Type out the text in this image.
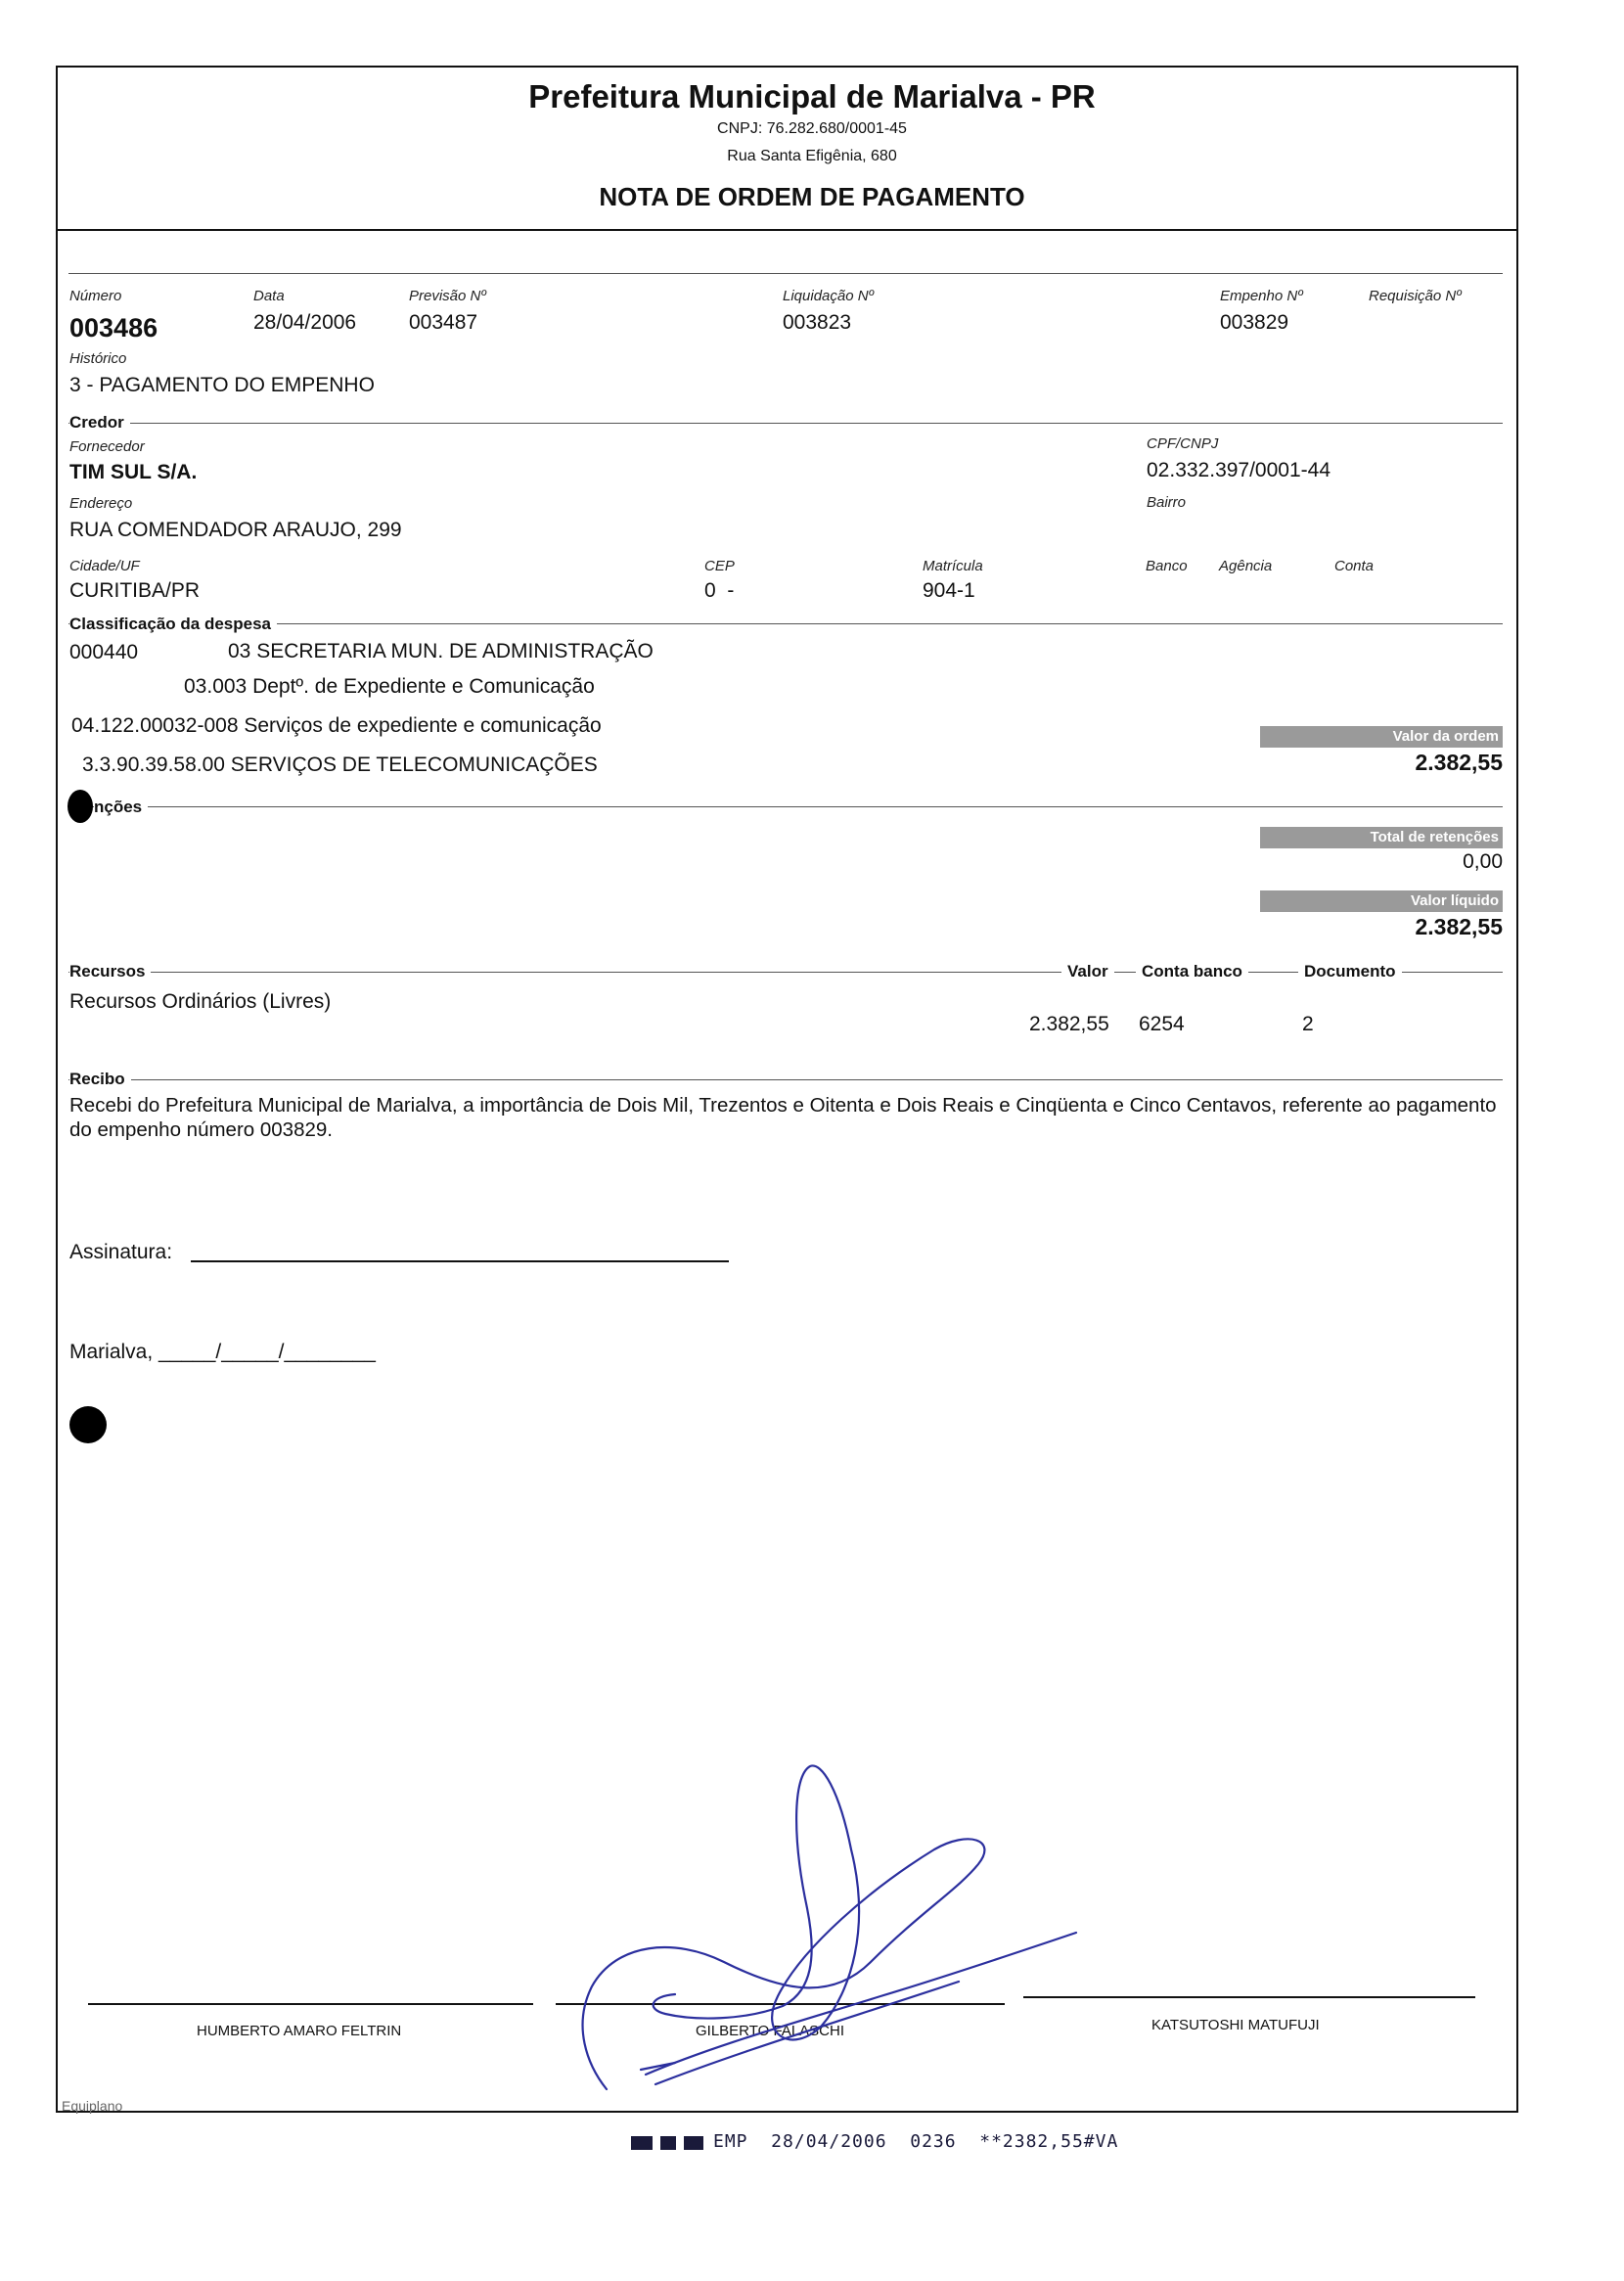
Prefeitura Municipal de Marialva - PR
CNPJ: 76.282.680/0001-45
Rua Santa Efigênia, 680
NOTA DE ORDEM DE PAGAMENTO
Número
003486
Data
28/04/2006
Previsão Nº
003487
Liquidação Nº
003823
Empenho Nº
003829
Requisição Nº
Histórico
3 - PAGAMENTO DO EMPENHO
Credor
Fornecedor
TIM SUL S/A.
CPF/CNPJ
02.332.397/0001-44
Endereço
RUA COMENDADOR ARAUJO, 299
Bairro
Cidade/UF
CURITIBA/PR
CEP
0  -
Matrícula
904-1
Banco Agência	Conta
Classificação da despesa
000440	03 SECRETARIA MUN. DE ADMINISTRAÇÃO
03.003 Deptº. de Expediente e Comunicação
04.122.00032-008 Serviços de expediente e comunicação
3.3.90.39.58.00 SERVIÇOS DE TELECOMUNICAÇÕES
Valor da ordem
2.382,55
nções
Total de retenções
0,00
Valor líquido
2.382,55
Recursos	Valor	Conta banco	Documento
Recursos Ordinários (Livres)
2.382,55 6254	2
Recibo
Recebi do Prefeitura Municipal de Marialva, a importância de Dois Mil, Trezentos e Oitenta e Dois Reais e Cinqüenta e Cinco Centavos, referente ao pagamento do empenho número 003829.
Assinatura:
Marialva, _____/_____/________
HUMBERTO AMARO FELTRIN	GILBERTO FALASCHI	KATSUTOSHI MATUFUJI
Equiplano
EMP  28/04/2006  0236  **2382,55#VA
